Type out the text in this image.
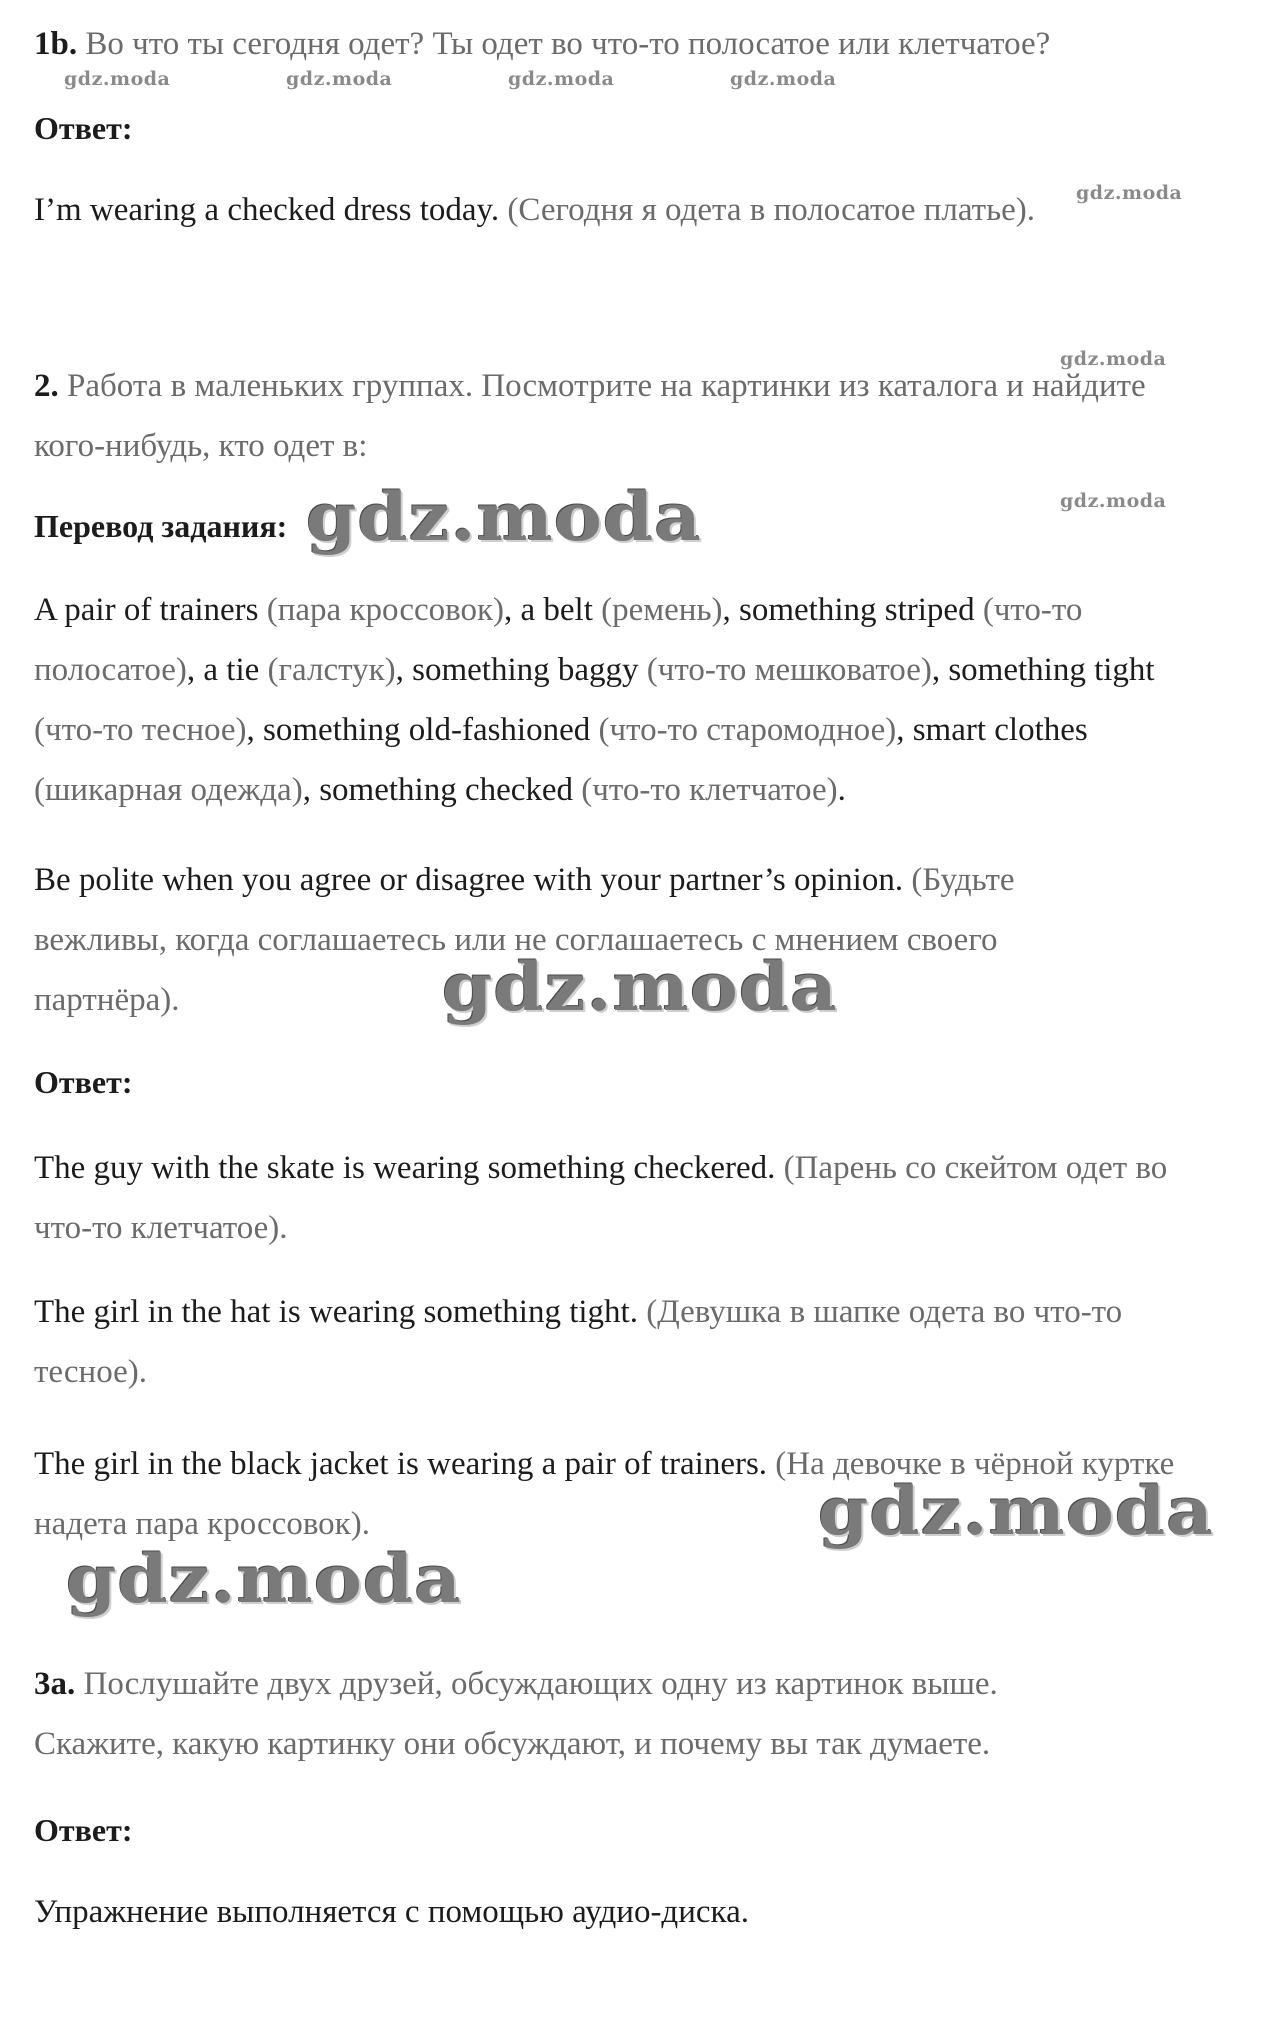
1b. Во что ты сегодня одет? Ты одет во что-то полосатое или клетчатое?

Ответ:

I’m wearing a checked dress today. (Сегодня я одета в полосатое платье).

2. Работа в маленьких группах. Посмотрите на картинки из каталога и найдите кого-нибудь, кто одет в:

Перевод задания:

A pair of trainers (пара кроссовок), a belt (ремень), something striped (что-то полосатое), a tie (галстук), something baggy (что-то мешковатое), something tight (что-то тесное), something old-fashioned (что-то старомодное), smart clothes (шикарная одежда), something checked (что-то клетчатое).

Be polite when you agree or disagree with your partner’s opinion. (Будьте вежливы, когда соглашаетесь или не соглашаетесь с мнением своего партнёра).

Ответ:

The guy with the skate is wearing something checkered. (Парень со скейтом одет во что-то клетчатое).

The girl in the hat is wearing something tight. (Девушка в шапке одета во что-то тесное).

The girl in the black jacket is wearing a pair of trainers. (На девочке в чёрной куртке надета пара кроссовок).

3a. Послушайте двух друзей, обсуждающих одну из картинок выше. Скажите, какую картинку они обсуждают, и почему вы так думаете.

Ответ:

Упражнение выполняется с помощью аудио-диска.

gdz.moda	gdz.moda	gdz.moda	gdz.moda
gdz.moda
gdz.moda
gdz.moda
gdz.moda
gdz.moda
gdz.moda
gdz.moda
